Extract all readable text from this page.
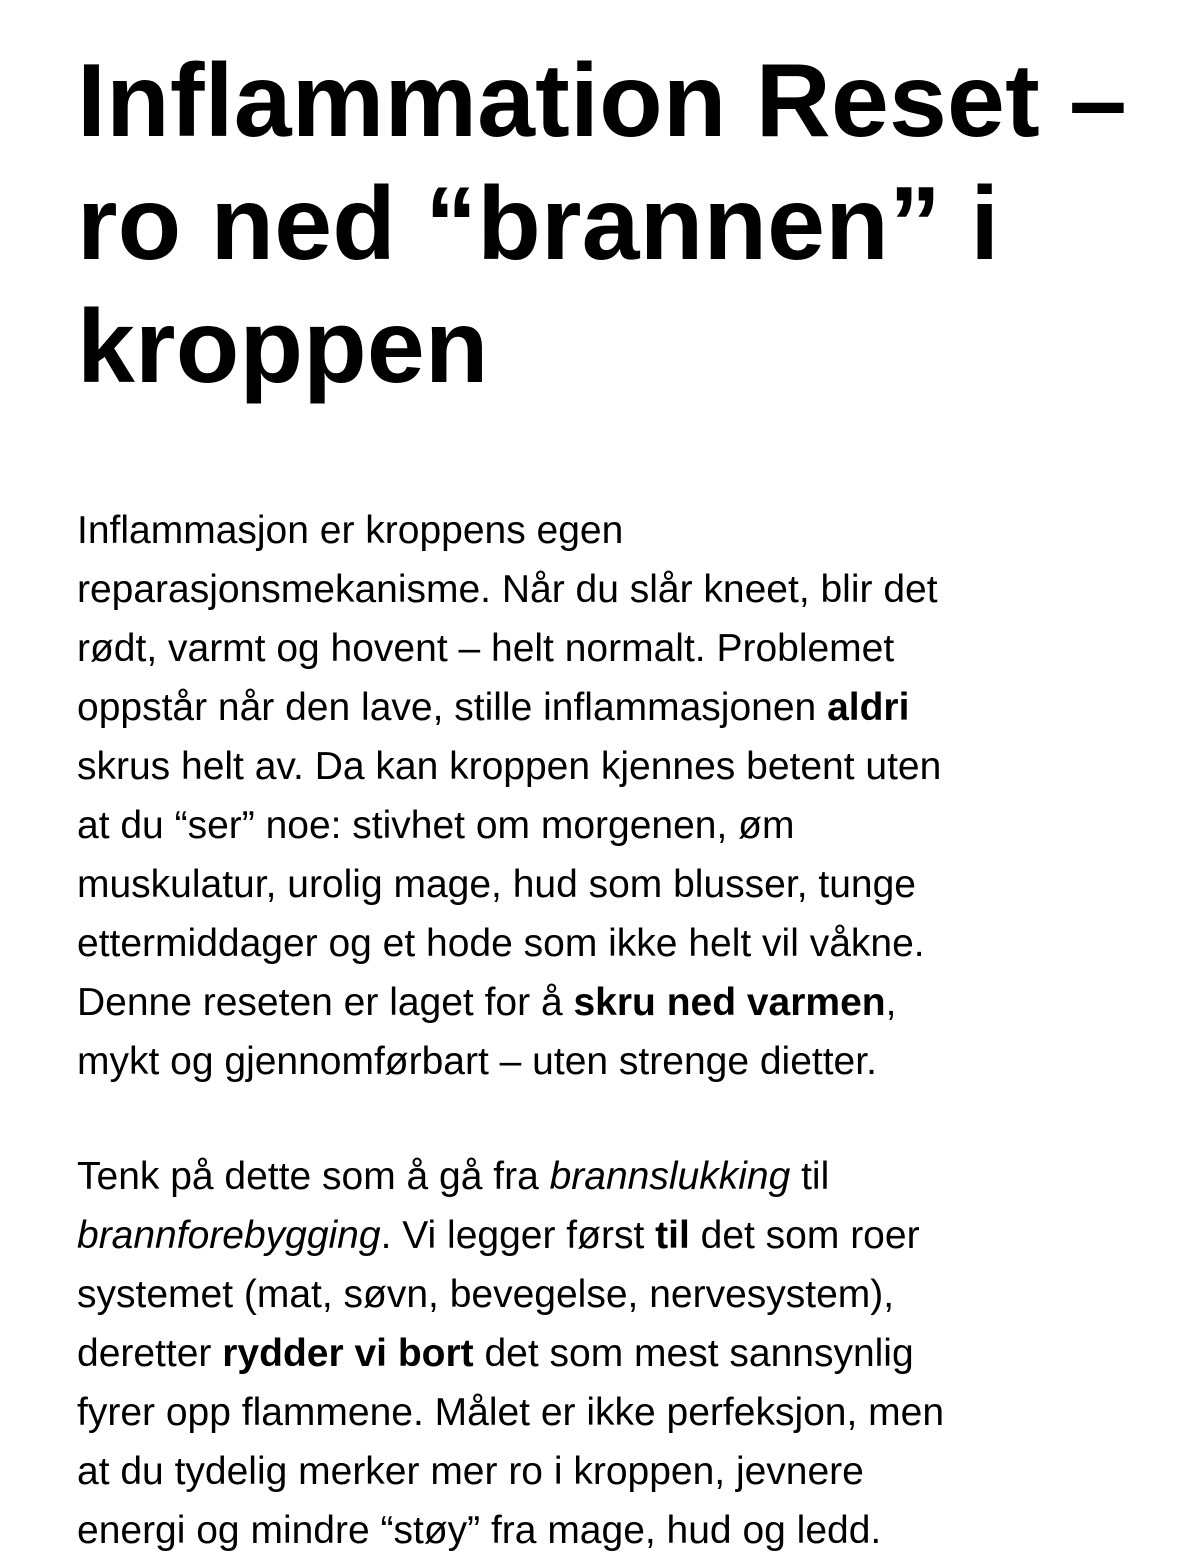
Inflammation Reset –
ro ned “brannen” i
kroppen

Inflammasjon er kroppens egen
reparasjonsmekanisme. Når du slår kneet, blir det
rødt, varmt og hovent – helt normalt. Problemet
oppstår når den lave, stille inflammasjonen aldri
skrus helt av. Da kan kroppen kjennes betent uten
at du “ser” noe: stivhet om morgenen, øm
muskulatur, urolig mage, hud som blusser, tunge
ettermiddager og et hode som ikke helt vil våkne.
Denne reseten er laget for å skru ned varmen,
mykt og gjennomførbart – uten strenge dietter.

Tenk på dette som å gå fra brannslukking til
brannforebygging. Vi legger først til det som roer
systemet (mat, søvn, bevegelse, nervesystem),
deretter rydder vi bort det som mest sannsynlig
fyrer opp flammene. Målet er ikke perfeksjon, men
at du tydelig merker mer ro i kroppen, jevnere
energi og mindre “støy” fra mage, hud og ledd.
